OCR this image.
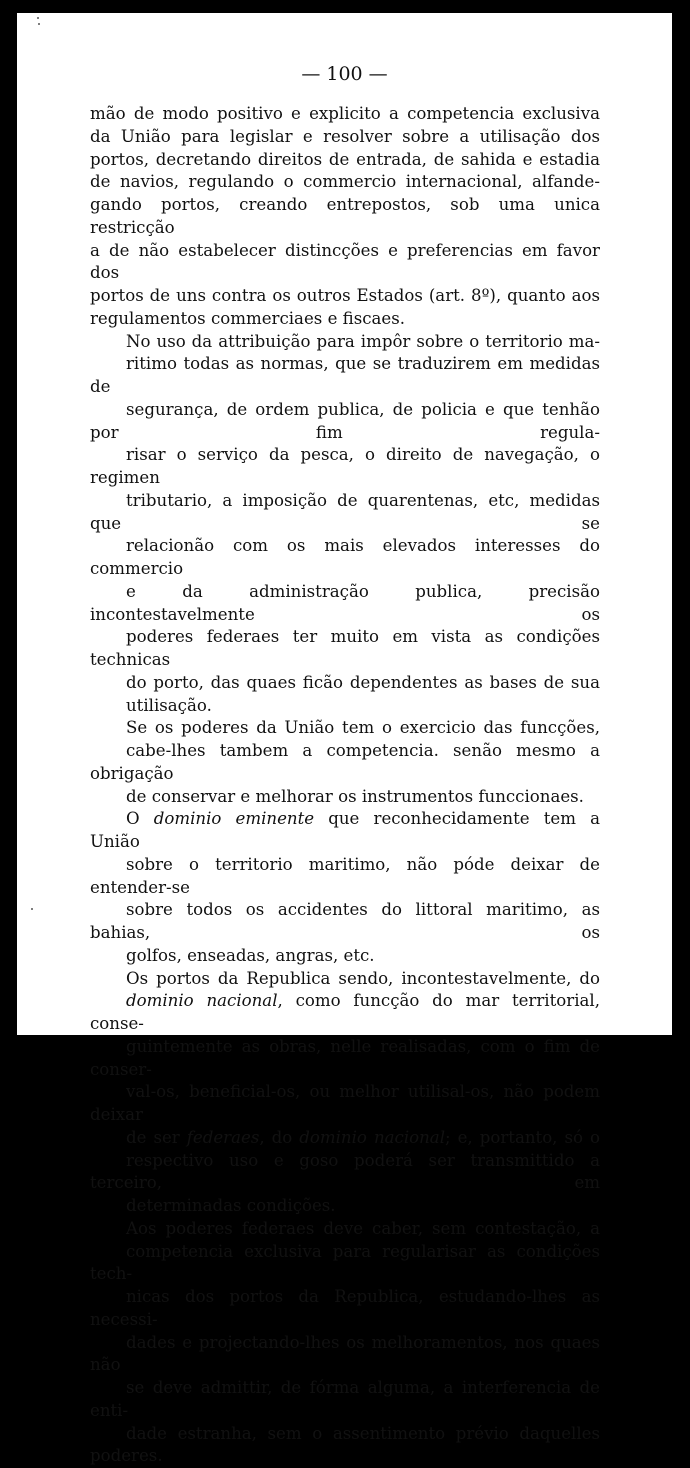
— 100 —

mão de modo positivo e explicito a competencia exclusiva
da União para legislar e resolver sobre a utilisação dos
portos, decretando direitos de entrada, de sahida e estadia
de navios, regulando o commercio internacional, alfande-
gando portos, creando entrepostos, sob uma unica restricção
a de não estabelecer distincções e preferencias em favor dos
portos de uns contra os outros Estados (art. 8º), quanto aos
regulamentos commerciaes e fiscaes.

No uso da attribuição para impôr sobre o territorio ma-
ritimo todas as normas, que se traduzirem em medidas de
segurança, de ordem publica, de policia e que tenhão por fim regula-
risar o serviço da pesca, o direito de navegação, o regimen
tributario, a imposição de quarentenas, etc, medidas que se
relacionão com os mais elevados interesses do commercio
e da administração publica, precisão incontestavelmente os
poderes federaes ter muito em vista as condições technicas
do porto, das quaes ficão dependentes as bases de sua
utilisação.

Se os poderes da União tem o exercicio das funcções,
cabe-lhes tambem a competencia. senão mesmo a obrigação
de conservar e melhorar os instrumentos funccionaes.

O dominio eminente que reconhecidamente tem a União
sobre o territorio maritimo, não póde deixar de entender-se
sobre todos os accidentes do littoral maritimo, as bahias, os
golfos, enseadas, angras, etc.

Os portos da Republica sendo, incontestavelmente, do
dominio nacional, como funcção do mar territorial, conse-
guintemente as obras, nelle realisadas, com o fim de conser-
val-os, beneficial-os, ou melhor utilisal-os, não podem deixar
de ser federaes, do dominio nacional; e, portanto, só o
respectivo uso e goso poderá ser transmittido a terceiro, em
determinadas condições.

Aos poderes federaes deve caber, sem contestação, a
competencia exclusiva para regularisar as condições tech-
nicas dos portos da Republica, estudando-lhes as necessi-
dades e projectando-lhes os melhoramentos, nos quaes não
se deve admittir, de fórma alguma, a interferencia de enti-
dade estranha, sem o assentimento prévio daquelles poderes.
